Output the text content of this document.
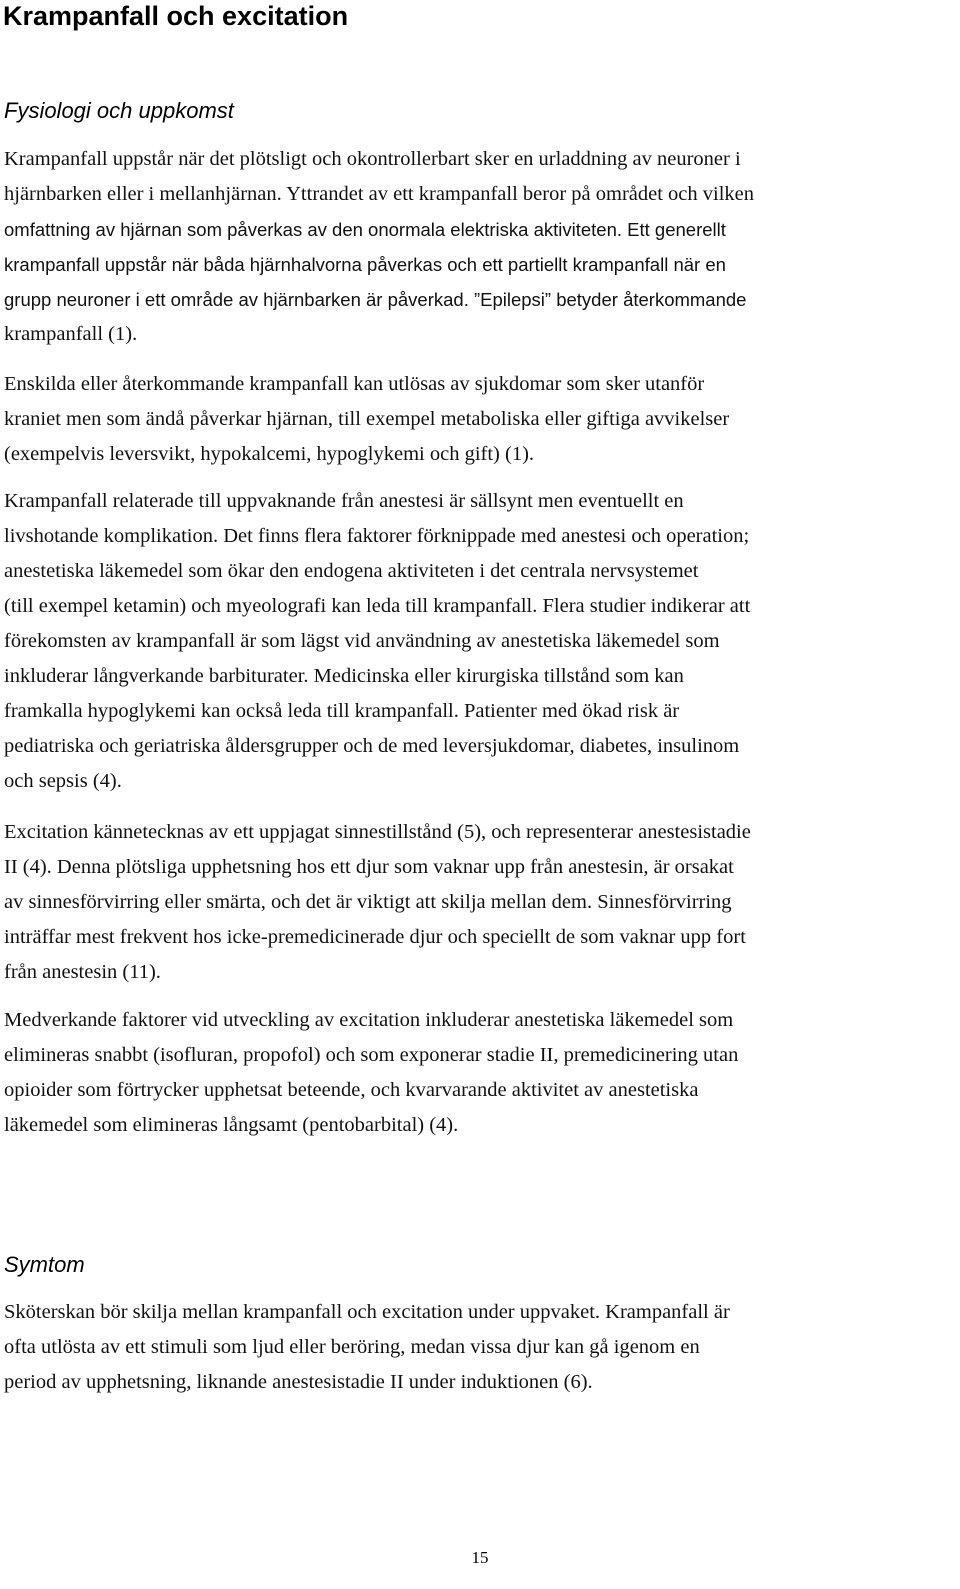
Krampanfall och excitation
Fysiologi och uppkomst

Krampanfall uppstår när det plötsligt och okontrollerbart sker en urladdning av neuroner i
hjärnbarken eller i mellanhjärnan. Yttrandet av ett krampanfall beror på området och vilken
omfattning av hjärnan som påverkas av den onormala elektriska aktiviteten. Ett generellt
krampanfall uppstår när båda hjärnhalvorna påverkas och ett partiellt krampanfall när en
grupp neuroner i ett område av hjärnbarken är påverkad. ”Epilepsi” betyder återkommande
krampanfall (1).

Enskilda eller återkommande krampanfall kan utlösas av sjukdomar som sker utanför
kraniet men som ändå påverkar hjärnan, till exempel metaboliska eller giftiga avvikelser
(exempelvis leversvikt, hypokalcemi, hypoglykemi och gift) (1).

Krampanfall relaterade till uppvaknande från anestesi är sällsynt men eventuellt en
livshotande komplikation. Det finns flera faktorer förknippade med anestesi och operation;
anestetiska läkemedel som ökar den endogena aktiviteten i det centrala nervsystemet
(till exempel ketamin) och myeolografi kan leda till krampanfall. Flera studier indikerar att
förekomsten av krampanfall är som lägst vid användning av anestetiska läkemedel som
inkluderar långverkande barbiturater. Medicinska eller kirurgiska tillstånd som kan
framkalla hypoglykemi kan också leda till krampanfall. Patienter med ökad risk är
pediatriska och geriatriska åldersgrupper och de med leversjukdomar, diabetes, insulinom
och sepsis (4).

Excitation kännetecknas av ett uppjagat sinnestillstånd (5), och representerar anestesistadie
II (4). Denna plötsliga upphetsning hos ett djur som vaknar upp från anestesin, är orsakat
av sinnesförvirring eller smärta, och det är viktigt att skilja mellan dem. Sinnesförvirring
inträffar mest frekvent hos icke-premedicinerade djur och speciellt de som vaknar upp fort
från anestesin (11).

Medverkande faktorer vid utveckling av excitation inkluderar anestetiska läkemedel som
elimineras snabbt (isofluran, propofol) och som exponerar stadie II, premedicinering utan
opioider som förtrycker upphetsat beteende, och kvarvarande aktivitet av anestetiska
läkemedel som elimineras långsamt (pentobarbital) (4).

Symtom

Sköterskan bör skilja mellan krampanfall och excitation under uppvaket. Krampanfall är
ofta utlösta av ett stimuli som ljud eller beröring, medan vissa djur kan gå igenom en
period av upphetsning, liknande anestesistadie II under induktionen (6).

15
